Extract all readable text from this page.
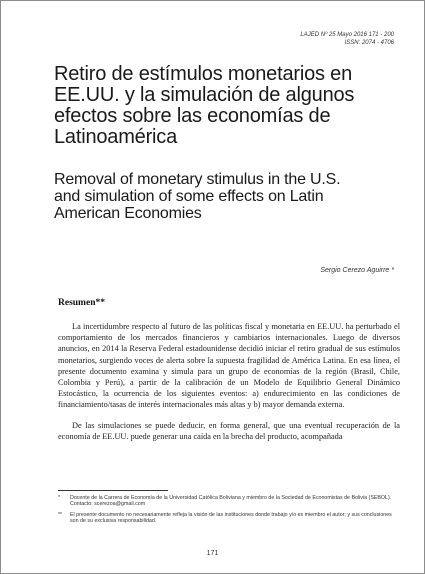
LAJED Nº 25 Mayo 2016 171 - 200
ISSN: 2074 - 4706
Retiro de estímulos monetarios en EE.UU. y la simulación de algunos efectos sobre las economías de Latinoamérica
Removal of monetary stimulus in the U.S. and simulation of some effects on Latin American Economies
Sergio Cerezo Aguirre *
Resumen**

La incertidumbre respecto al futuro de las políticas fiscal y monetaria en EE.UU. ha perturbado el comportamiento de los mercados financieros y cambiarios internacionales. Luego de diversos anuncios, en 2014 la Reserva Federal estadounidense decidió iniciar el retiro gradual de sus estímulos monetarios, surgiendo voces de alerta sobre la supuesta fragilidad de América Latina. En esa línea, el presente documento examina y simula para un grupo de economías de la región (Brasil, Chile, Colombia y Perú), a partir de la calibración de un Modelo de Equilibrio General Dinámico Estocástico, la ocurrencia de los siguientes eventos: a) endurecimiento en las condiciones de financiamiento/tasas de interés internacionales más altas y b) mayor demanda externa.

De las simulaciones se puede deducir, en forma general, que una eventual recuperación de la economía de EE.UU. puede generar una caída en la brecha del producto, acompañada

*	Docente de la Carrera de Economía de la Universidad Católica Boliviana y miembro de la Sociedad de Economistas de Bolivia (SEBOL).
Contacto: scerezoa@gmail.com
**	El presente documento no necesariamente refleja la visión de las instituciones donde trabajo y/o es miembro el autor; y sus conclusiones son de su exclusiva responsabilidad.
171
